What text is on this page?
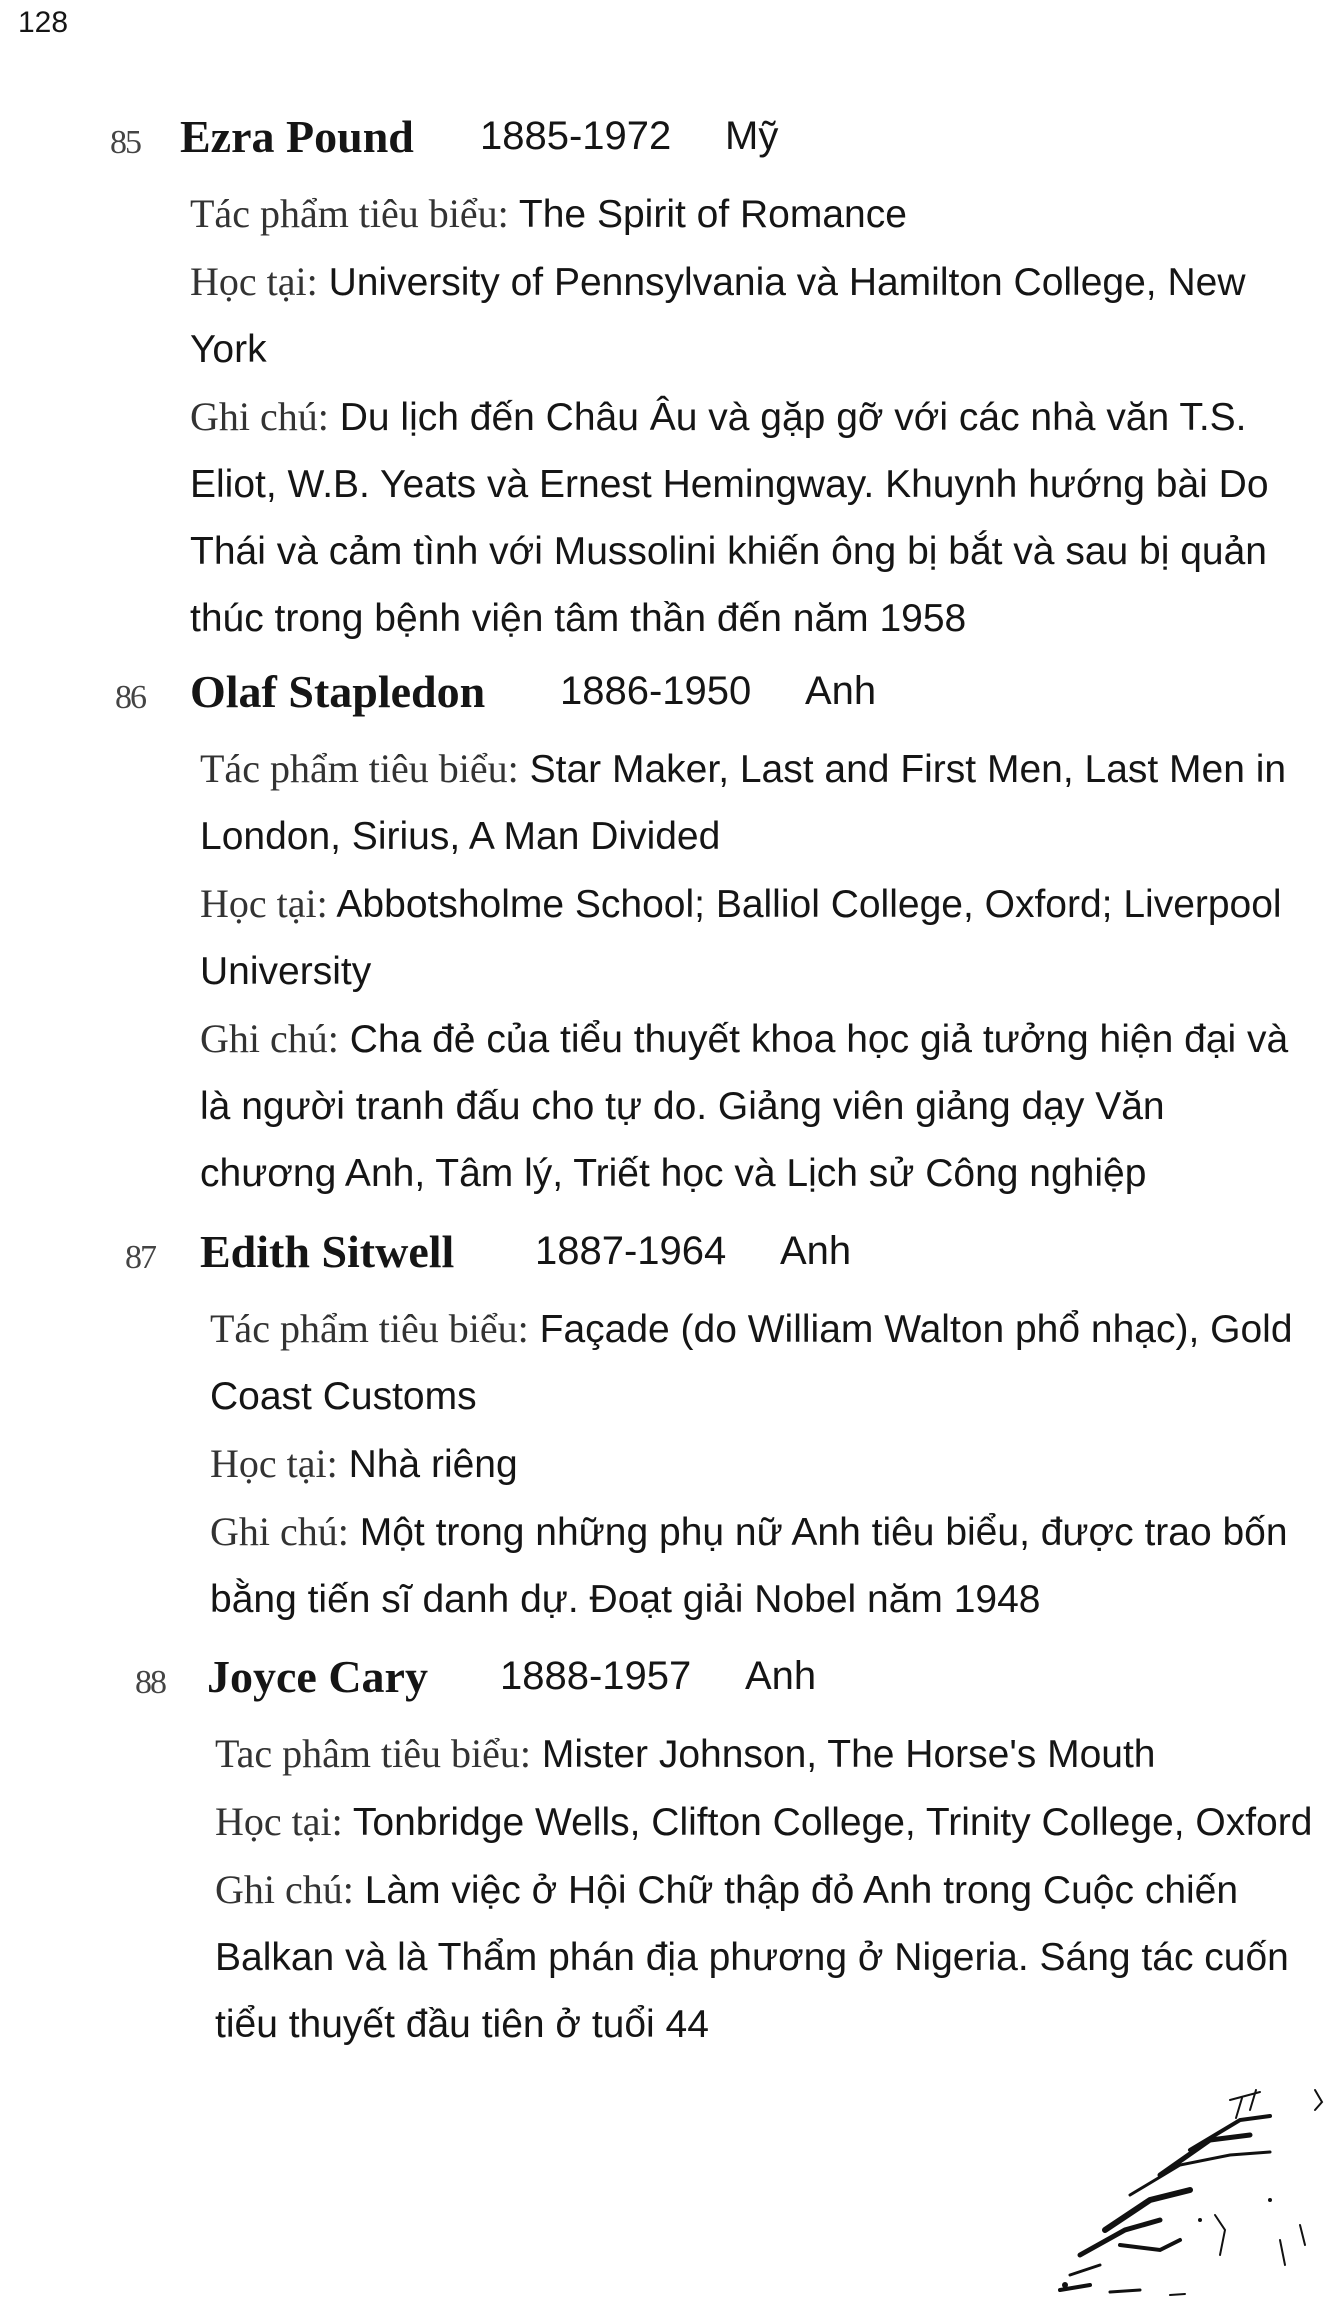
128
85 Ezra Pound 1885-1972 Mỹ
Tác phẩm tiêu biểu: The Spirit of Romance
Học tại: University of Pennsylvania và Hamilton College, New
York
Ghi chú: Du lịch đến Châu Âu và gặp gỡ với các nhà văn T.S.
Eliot, W.B. Yeats và Ernest Hemingway. Khuynh hướng bài Do
Thái và cảm tình với Mussolini khiến ông bị bắt và sau bị quản
thúc trong bệnh viện tâm thần đến năm 1958
86 Olaf Stapledon 1886-1950 Anh
Tác phẩm tiêu biểu: Star Maker, Last and First Men, Last Men in
London, Sirius, A Man Divided
Học tại: Abbotsholme School; Balliol College, Oxford; Liverpool
University
Ghi chú: Cha đẻ của tiểu thuyết khoa học giả tưởng hiện đại và
là người tranh đấu cho tự do. Giảng viên giảng dạy Văn
chương Anh, Tâm lý, Triết học và Lịch sử Công nghiệp
87 Edith Sitwell 1887-1964 Anh
Tác phẩm tiêu biểu: Façade (do William Walton phổ nhạc), Gold
Coast Customs
Học tại: Nhà riêng
Ghi chú: Một trong những phụ nữ Anh tiêu biểu, được trao bốn
bằng tiến sĩ danh dự. Đoạt giải Nobel năm 1948
88 Joyce Cary 1888-1957 Anh
Tac phâm tiêu biểu: Mister Johnson, The Horse's Mouth
Học tại: Tonbridge Wells, Clifton College, Trinity College, Oxford
Ghi chú: Làm việc ở Hội Chữ thập đỏ Anh trong Cuộc chiến
Balkan và là Thẩm phán địa phương ở Nigeria. Sáng tác cuốn
tiểu thuyết đầu tiên ở tuổi 44
